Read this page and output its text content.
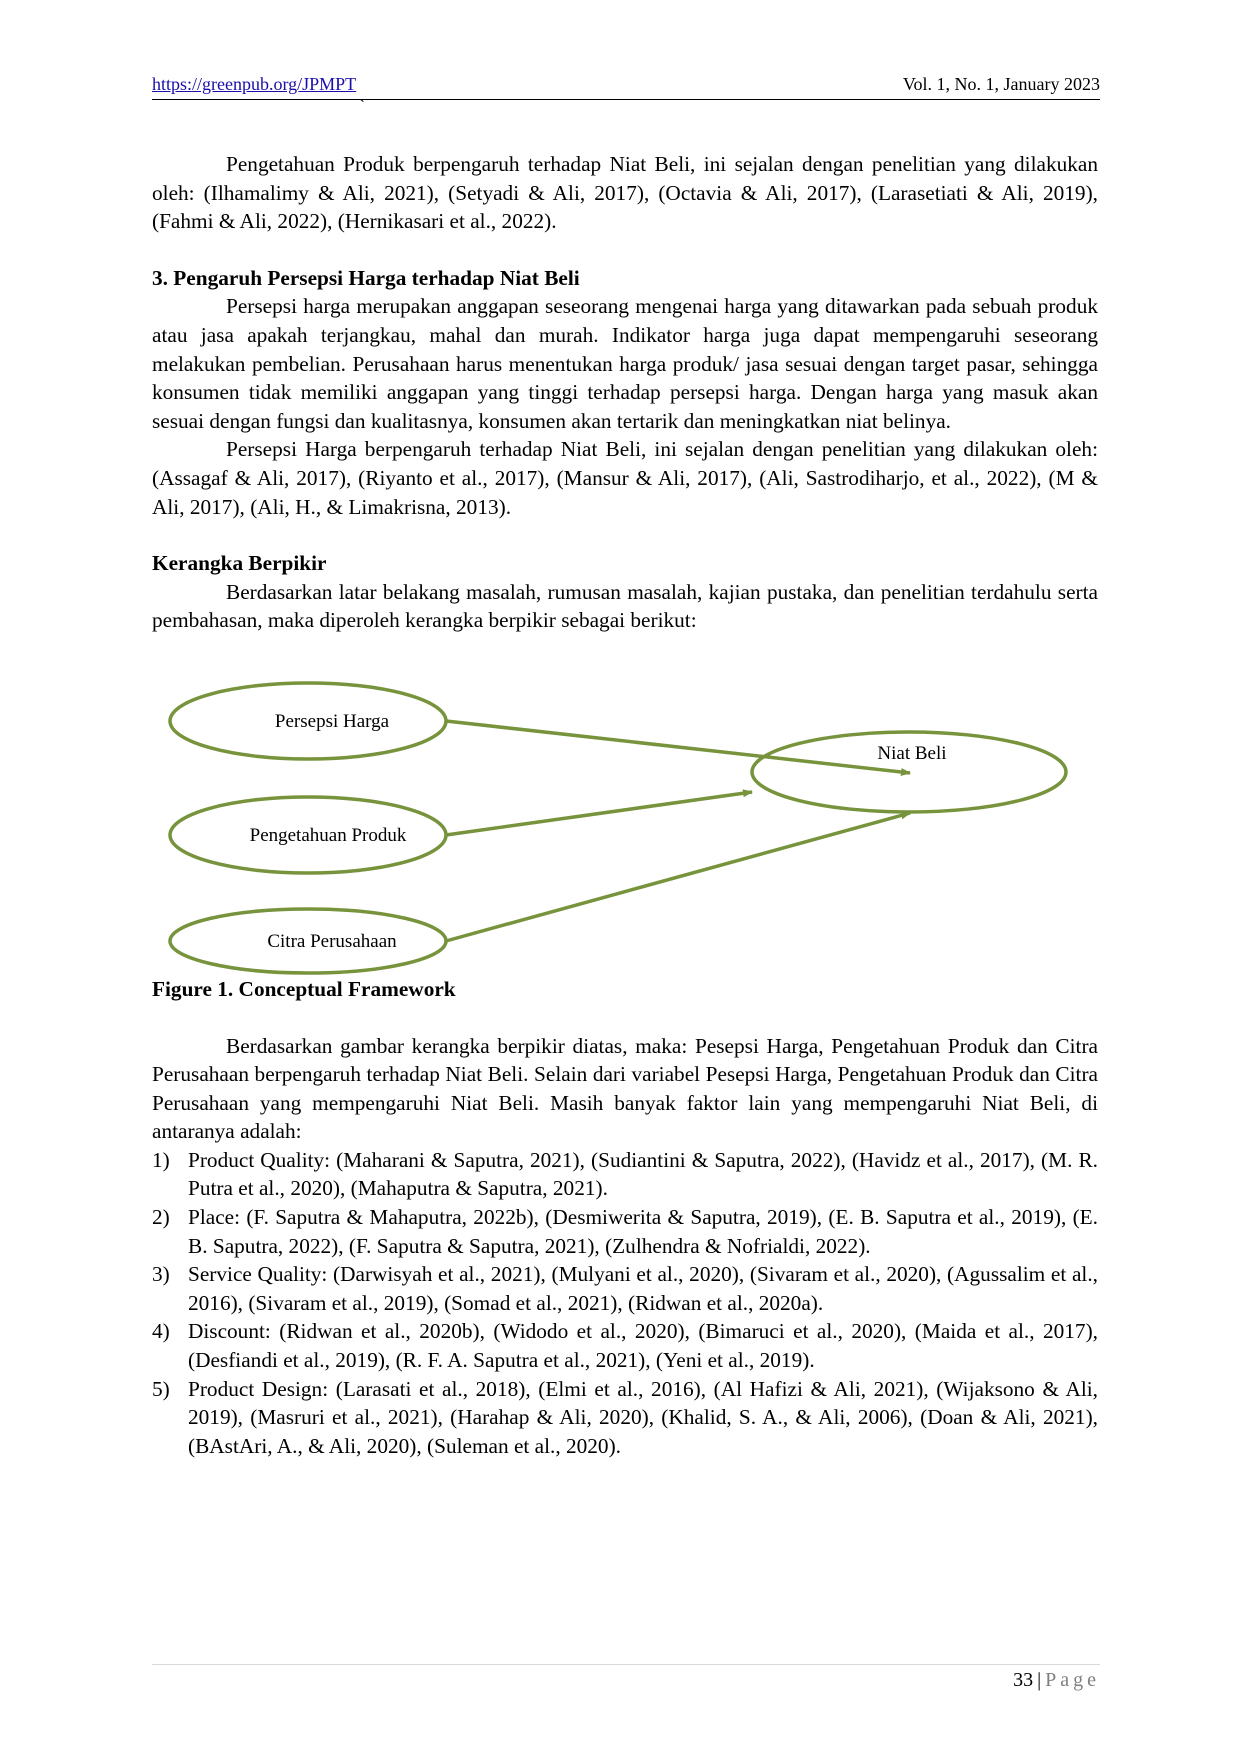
https://greenpub.org/JPMPT	Vol. 1, No. 1, January 2023
`

Pengetahuan Produk berpengaruh terhadap Niat Beli, ini sejalan dengan penelitian yang dilakukan oleh: (Ilhamalimy & Ali, 2021), (Setyadi & Ali, 2017), (Octavia & Ali, 2017), (Larasetiati & Ali, 2019), (Fahmi & Ali, 2022), (Hernikasari et al., 2022).

3. Pengaruh Persepsi Harga terhadap Niat Beli

Persepsi harga merupakan anggapan seseorang mengenai harga yang ditawarkan pada sebuah produk atau jasa apakah terjangkau, mahal dan murah. Indikator harga juga dapat mempengaruhi seseorang melakukan pembelian. Perusahaan harus menentukan harga produk/ jasa sesuai dengan target pasar, sehingga konsumen tidak memiliki anggapan yang tinggi terhadap persepsi harga. Dengan harga yang masuk akan sesuai dengan fungsi dan kualitasnya, konsumen akan tertarik dan meningkatkan niat belinya.

Persepsi Harga berpengaruh terhadap Niat Beli, ini sejalan dengan penelitian yang dilakukan oleh: (Assagaf & Ali, 2017), (Riyanto et al., 2017), (Mansur & Ali, 2017), (Ali, Sastrodiharjo, et al., 2022), (M & Ali, 2017), (Ali, H., & Limakrisna, 2013).

Kerangka Berpikir

Berdasarkan latar belakang masalah, rumusan masalah, kajian pustaka, dan penelitian terdahulu serta pembahasan, maka diperoleh kerangka berpikir sebagai berikut:

Persepsi Harga
Pengetahuan Produk
Citra Perusahaan
Niat Beli

Figure 1. Conceptual Framework

Berdasarkan gambar kerangka berpikir diatas, maka: Pesepsi Harga, Pengetahuan Produk dan Citra Perusahaan berpengaruh terhadap Niat Beli. Selain dari variabel Pesepsi Harga, Pengetahuan Produk dan Citra Perusahaan yang mempengaruhi Niat Beli. Masih banyak faktor lain yang mempengaruhi Niat Beli, di antaranya adalah:

1) Product Quality: (Maharani & Saputra, 2021), (Sudiantini & Saputra, 2022), (Havidz et al., 2017), (M. R. Putra et al., 2020), (Mahaputra & Saputra, 2021).
2) Place: (F. Saputra & Mahaputra, 2022b), (Desmiwerita & Saputra, 2019), (E. B. Saputra et al., 2019), (E. B. Saputra, 2022), (F. Saputra & Saputra, 2021), (Zulhendra & Nofrialdi, 2022).
3) Service Quality: (Darwisyah et al., 2021), (Mulyani et al., 2020), (Sivaram et al., 2020), (Agussalim et al., 2016), (Sivaram et al., 2019), (Somad et al., 2021), (Ridwan et al., 2020a).
4) Discount: (Ridwan et al., 2020b), (Widodo et al., 2020), (Bimaruci et al., 2020), (Maida et al., 2017), (Desfiandi et al., 2019), (R. F. A. Saputra et al., 2021), (Yeni et al., 2019).
5) Product Design: (Larasati et al., 2018), (Elmi et al., 2016), (Al Hafizi & Ali, 2021), (Wijaksono & Ali, 2019), (Masruri et al., 2021), (Harahap & Ali, 2020), (Khalid, S. A., & Ali, 2006), (Doan & Ali, 2021), (BAstAri, A., & Ali, 2020), (Suleman et al., 2020).
33 | Page
